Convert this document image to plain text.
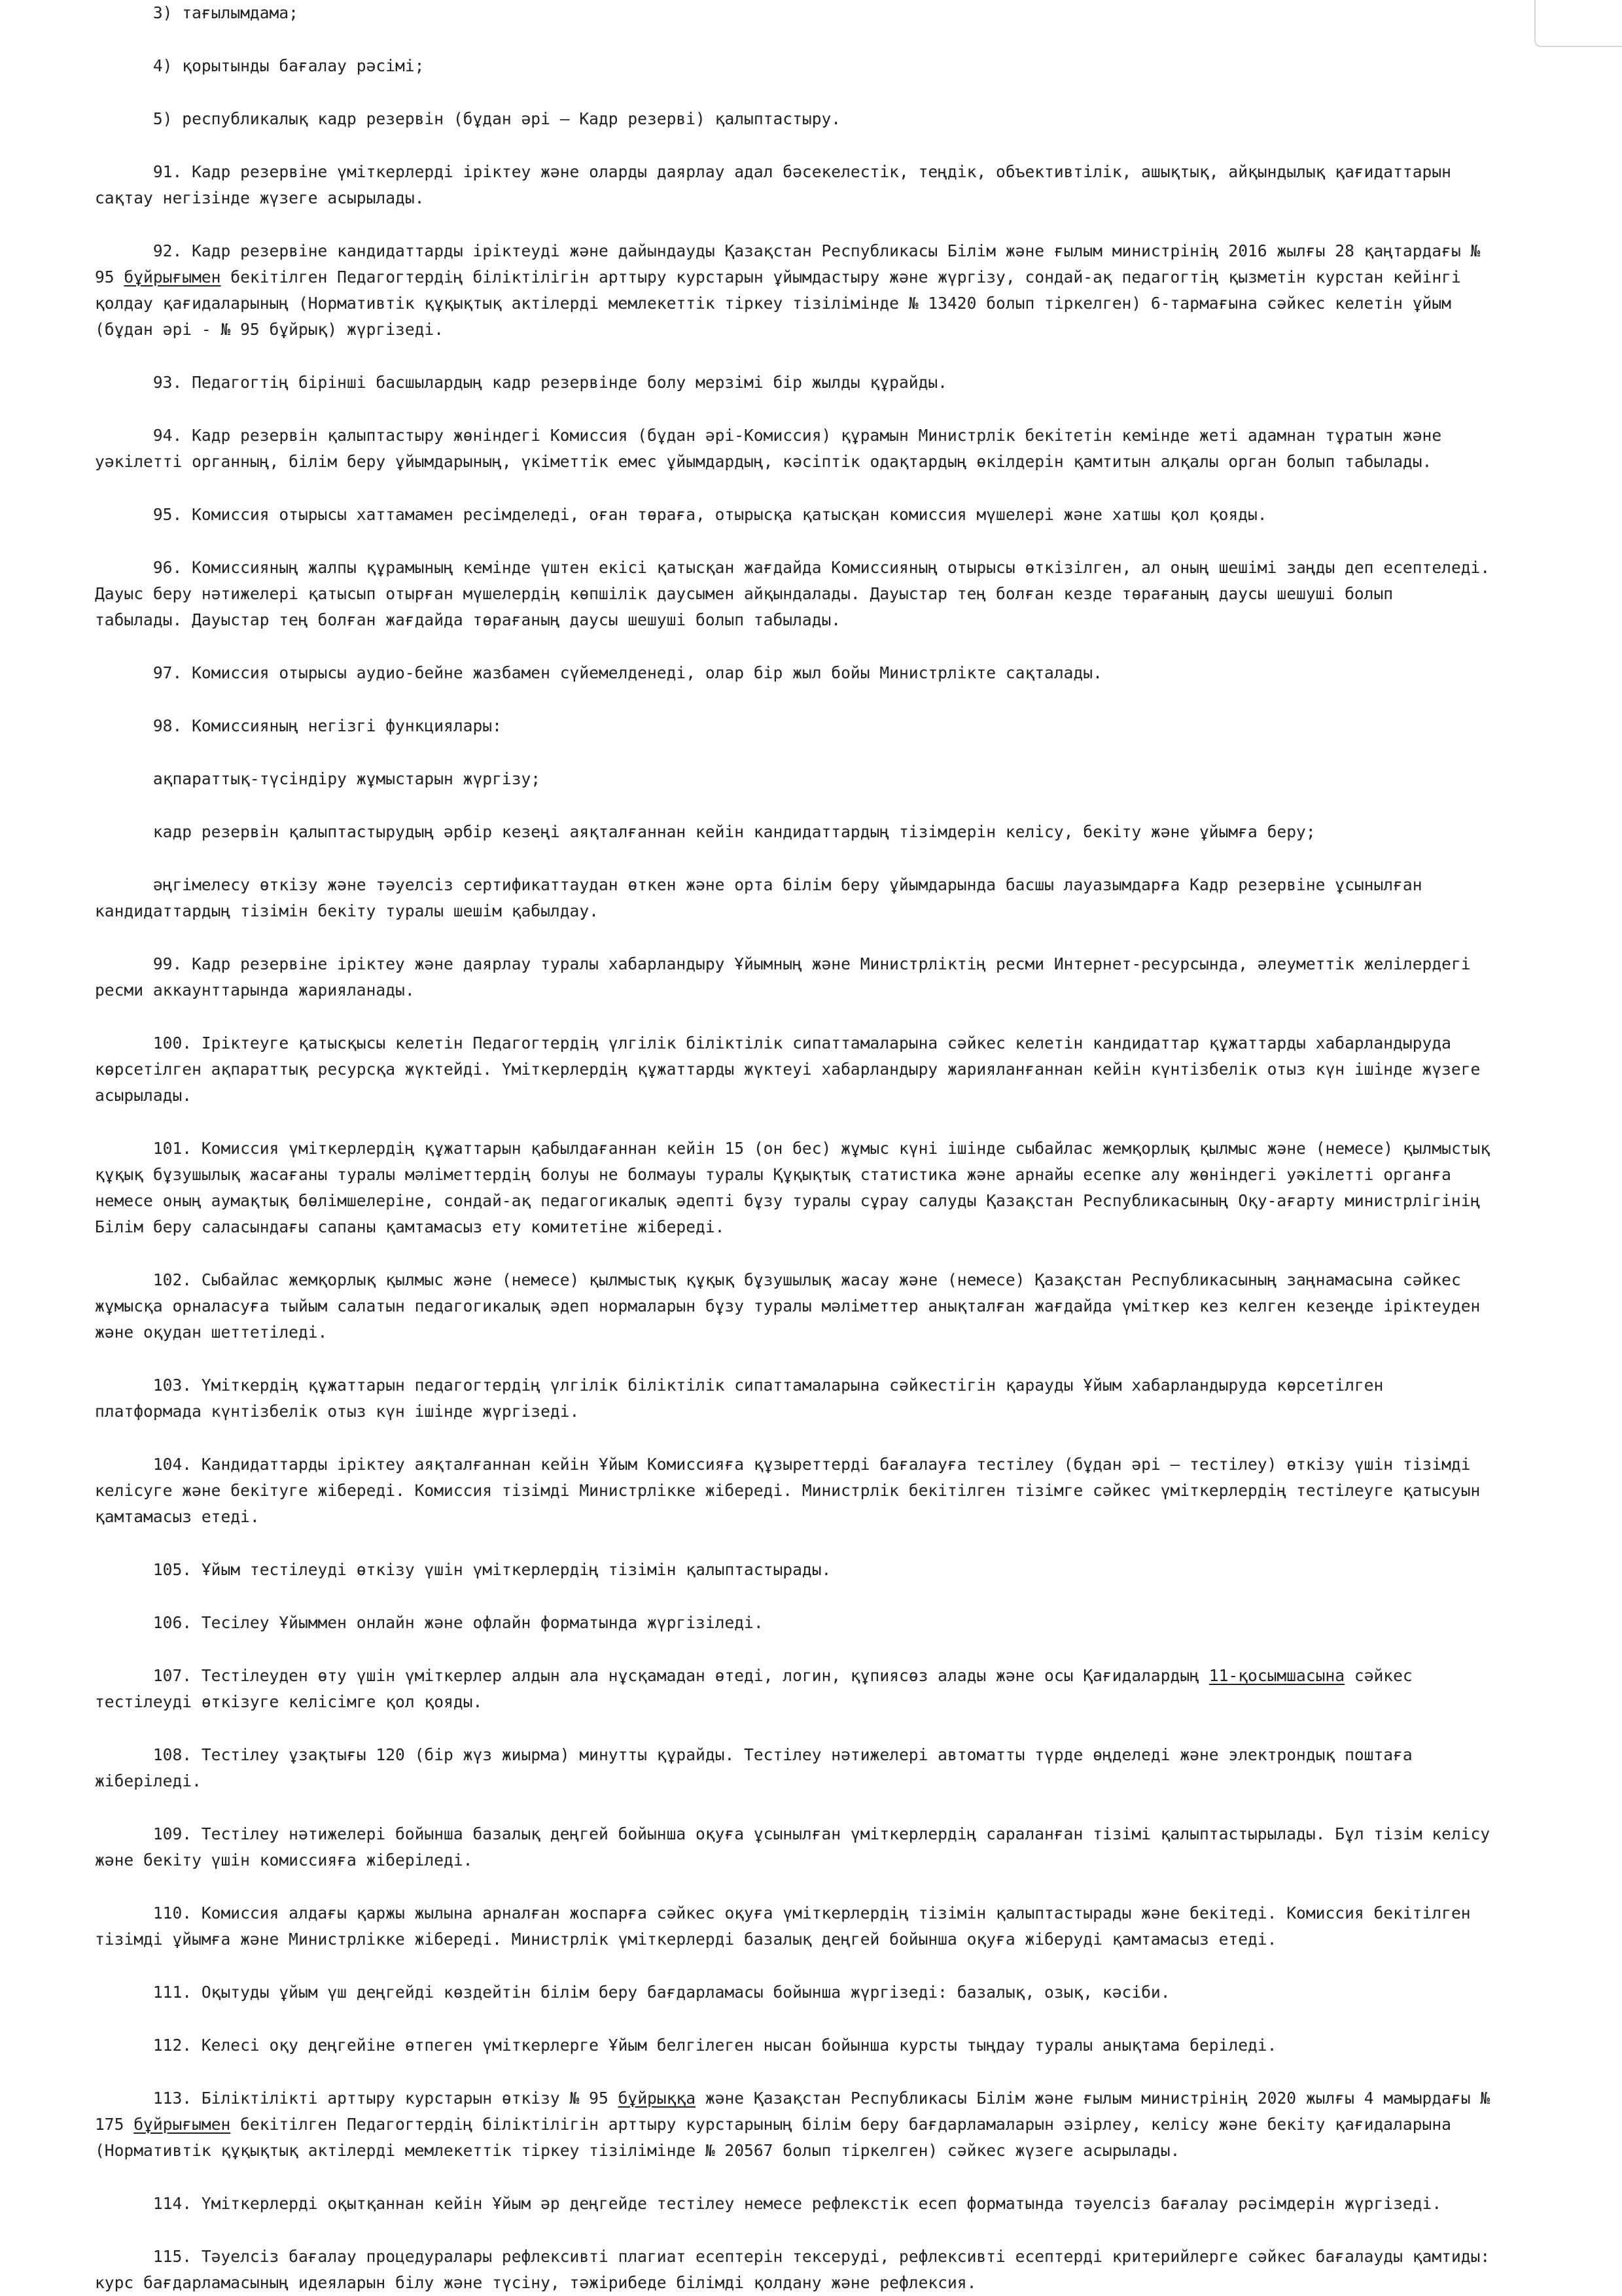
3) тағылымдама;

4) қорытынды бағалау рәсімі;

5) республикалық кадр резервін (бұдан әрі – Кадр резерві) қалыптастыру.

91. Кадр резервіне үміткерлерді іріктеу және оларды даярлау адал бәсекелестік, теңдік, объективтілік, ашықтық, айқындылық қағидаттарын
сақтау негізінде жүзеге асырылады.

92. Кадр резервіне кандидаттарды іріктеуді және дайындауды Қазақстан Республикасы Білім және ғылым министрінің 2016 жылғы 28 қаңтардағы №
95 бұйрығымен бекітілген Педагогтердің біліктілігін арттыру курстарын ұйымдастыру және жүргізу, сондай-ақ педагогтің қызметін курстан кейінгі
қолдау қағидаларының (Нормативтік құқықтық актілерді мемлекеттік тіркеу тізілімінде № 13420 болып тіркелген) 6-тармағына сәйкес келетін ұйым
(бұдан әрі - № 95 бұйрық) жүргізеді.

93. Педагогтің бірінші басшылардың кадр резервінде болу мерзімі бір жылды құрайды.

94. Кадр резервін қалыптастыру жөніндегі Комиссия (бұдан әрі-Комиссия) құрамын Министрлік бекітетін кемінде жеті адамнан тұратын және
уәкілетті органның, білім беру ұйымдарының, үкіметтік емес ұйымдардың, кәсіптік одақтардың өкілдерін қамтитын алқалы орган болып табылады.

95. Комиссия отырысы хаттамамен ресімделеді, оған төраға, отырысқа қатысқан комиссия мүшелері және хатшы қол қояды.

96. Комиссияның жалпы құрамының кемінде үштен екісі қатысқан жағдайда Комиссияның отырысы өткізілген, ал оның шешімі заңды деп есептеледі.
Дауыс беру нәтижелері қатысып отырған мүшелердің көпшілік даусымен айқындалады. Дауыстар тең болған кезде төрағаның даусы шешуші болып
табылады. Дауыстар тең болған жағдайда төрағаның даусы шешуші болып табылады.

97. Комиссия отырысы аудио-бейне жазбамен сүйемелденеді, олар бір жыл бойы Министрлікте сақталады.

98. Комиссияның негізгі функциялары:

ақпараттық-түсіндіру жұмыстарын жүргізу;

кадр резервін қалыптастырудың әрбір кезеңі аяқталғаннан кейін кандидаттардың тізімдерін келісу, бекіту және ұйымға беру;

әңгімелесу өткізу және тәуелсіз сертификаттаудан өткен және орта білім беру ұйымдарында басшы лауазымдарға Кадр резервіне ұсынылған
кандидаттардың тізімін бекіту туралы шешім қабылдау.

99. Кадр резервіне іріктеу және даярлау туралы хабарландыру Ұйымның және Министрліктің ресми Интернет-ресурсында, әлеуметтік желілердегі
ресми аккаунттарында жарияланады.

100. Іріктеуге қатысқысы келетін Педагогтердің үлгілік біліктілік сипаттамаларына сәйкес келетін кандидаттар құжаттарды хабарландыруда
көрсетілген ақпараттық ресурсқа жүктейді. Үміткерлердің құжаттарды жүктеуі хабарландыру жарияланғаннан кейін күнтізбелік отыз күн ішінде жүзеге
асырылады.

101. Комиссия үміткерлердің құжаттарын қабылдағаннан кейін 15 (он бес) жұмыс күні ішінде сыбайлас жемқорлық қылмыс және (немесе) қылмыстық
құқық бұзушылық жасағаны туралы мәліметтердің болуы не болмауы туралы Құқықтық статистика және арнайы есепке алу жөніндегі уәкілетті органға
немесе оның аумақтық бөлімшелеріне, сондай-ақ педагогикалық әдепті бұзу туралы сұрау салуды Қазақстан Республикасының Оқу-ағарту министрлігінің
Білім беру саласындағы сапаны қамтамасыз ету комитетіне жібереді.

102. Сыбайлас жемқорлық қылмыс және (немесе) қылмыстық құқық бұзушылық жасау және (немесе) Қазақстан Республикасының заңнамасына сәйкес
жұмысқа орналасуға тыйым салатын педагогикалық әдеп нормаларын бұзу туралы мәліметтер анықталған жағдайда үміткер кез келген кезеңде іріктеуден
және оқудан шеттетіледі.

103. Үміткердің құжаттарын педагогтердің үлгілік біліктілік сипаттамаларына сәйкестігін қарауды Ұйым хабарландыруда көрсетілген
платформада күнтізбелік отыз күн ішінде жүргізеді.

104. Кандидаттарды іріктеу аяқталғаннан кейін Ұйым Комиссияға құзыреттерді бағалауға тестілеу (бұдан әрі – тестілеу) өткізу үшін тізімді
келісуге және бекітуге жібереді. Комиссия тізімді Министрлікке жібереді. Министрлік бекітілген тізімге сәйкес үміткерлердің тестілеуге қатысуын
қамтамасыз етеді.

105. Ұйым тестілеуді өткізу үшін үміткерлердің тізімін қалыптастырады.

106. Тесілеу Ұйыммен онлайн және офлайн форматында жүргізіледі.

107. Тестілеуден өту үшін үміткерлер алдын ала нұсқамадан өтеді, логин, құпиясөз алады және осы Қағидалардың 11-қосымшасына сәйкес
тестілеуді өткізуге келісімге қол қояды.

108. Тестілеу ұзақтығы 120 (бір жүз жиырма) минутты құрайды. Тестілеу нәтижелері автоматты түрде өңделеді және электрондық поштаға
жіберіледі.

109. Тестілеу нәтижелері бойынша базалық деңгей бойынша оқуға ұсынылған үміткерлердің сараланған тізімі қалыптастырылады. Бұл тізім келісу
және бекіту үшін комиссияға жіберіледі.

110. Комиссия алдағы қаржы жылына арналған жоспарға сәйкес оқуға үміткерлердің тізімін қалыптастырады және бекітеді. Комиссия бекітілген
тізімді ұйымға және Министрлікке жібереді. Министрлік үміткерлерді базалық деңгей бойынша оқуға жіберуді қамтамасыз етеді.

111. Оқытуды ұйым үш деңгейді көздейтін білім беру бағдарламасы бойынша жүргізеді: базалық, озық, кәсіби.

112. Келесі оқу деңгейіне өтпеген үміткерлерге Ұйым белгілеген нысан бойынша курсты тыңдау туралы анықтама беріледі.

113. Біліктілікті арттыру курстарын өткізу № 95 бұйрыққа және Қазақстан Республикасы Білім және ғылым министрінің 2020 жылғы 4 мамырдағы №
175 бұйрығымен бекітілген Педагогтердің біліктілігін арттыру курстарының білім беру бағдарламаларын әзірлеу, келісу және бекіту қағидаларына
(Нормативтік құқықтық актілерді мемлекеттік тіркеу тізілімінде № 20567 болып тіркелген) сәйкес жүзеге асырылады.

114. Үміткерлерді оқытқаннан кейін Ұйым әр деңгейде тестілеу немесе рефлекстік есеп форматында тәуелсіз бағалау рәсімдерін жүргізеді.

115. Тәуелсіз бағалау процедуралары рефлексивті плагиат есептерін тексеруді, рефлексивті есептерді критерийлерге сәйкес бағалауды қамтиды:
курс бағдарламасының идеяларын білу және түсіну, тәжірибеде білімді қолдану және рефлексия.
